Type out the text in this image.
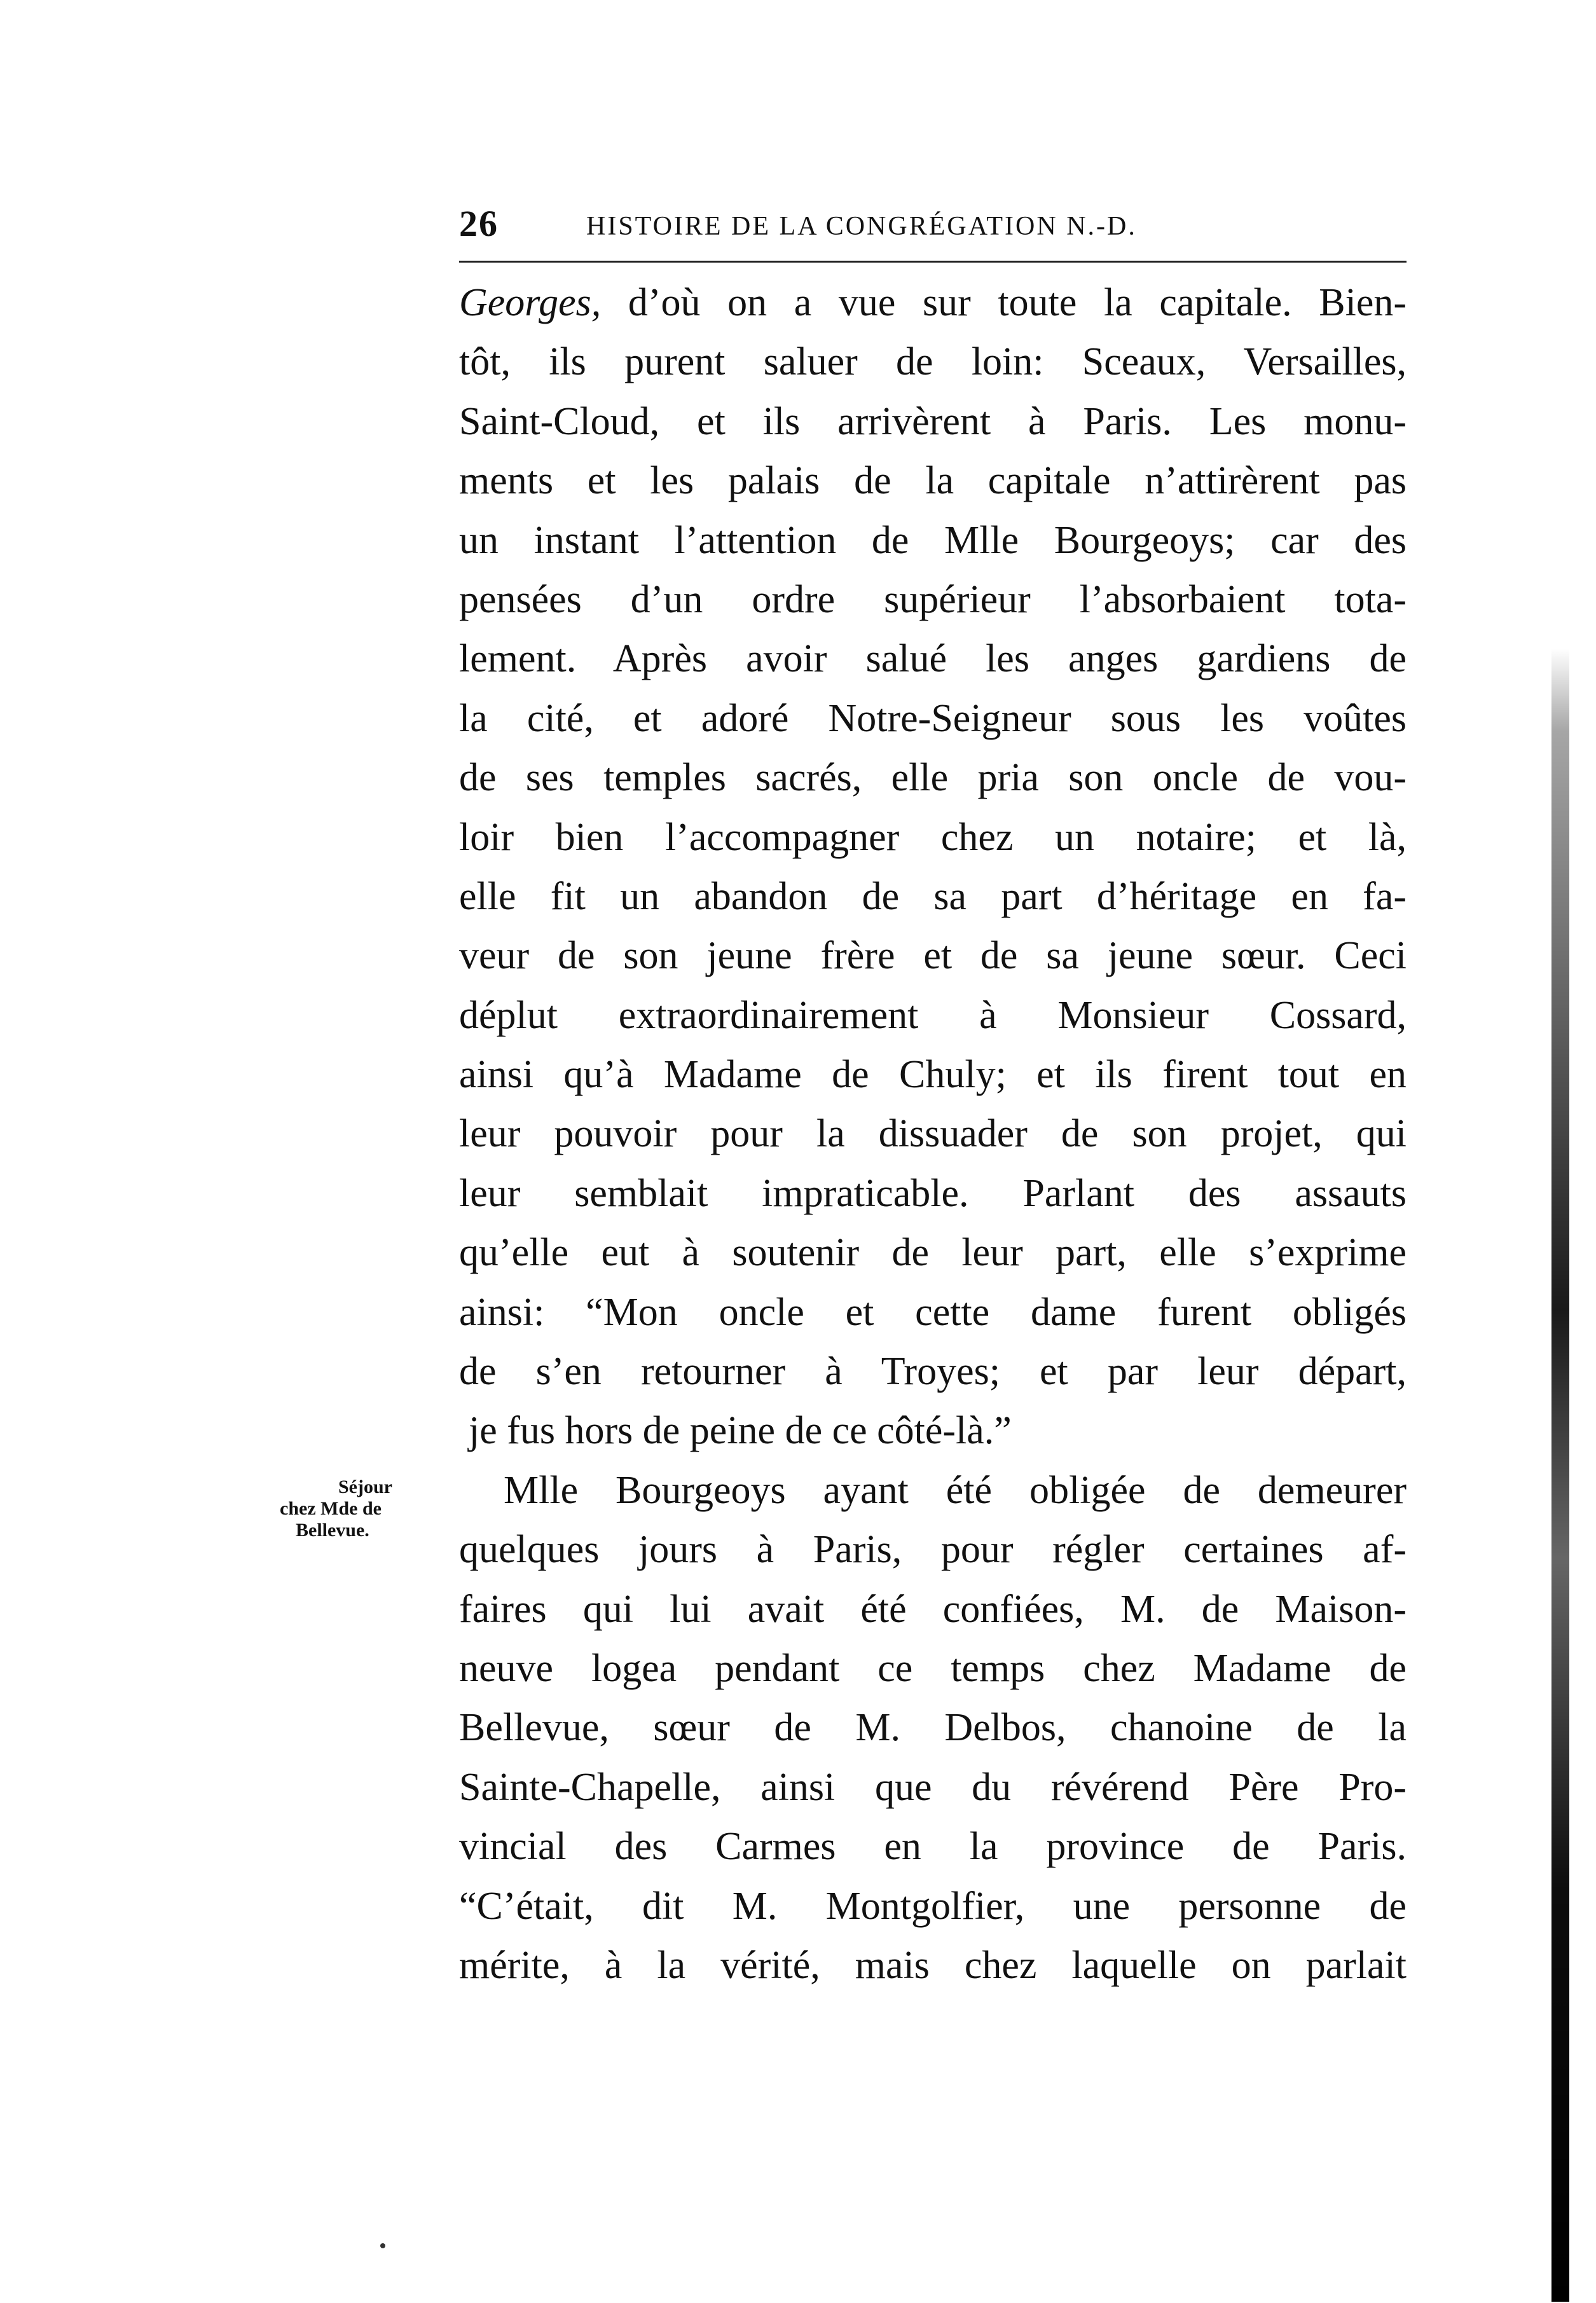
26	HISTOIRE DE LA CONGRÉGATION N.-D.
Séjour
chez Mde de
Bellevue.
Georges, d’où on a vue sur toute la capitale. Bien-
tôt, ils purent saluer de loin: Sceaux, Versailles,
Saint-Cloud, et ils arrivèrent à Paris. Les monu-
ments et les palais de la capitale n’attirèrent pas
un instant l’attention de Mlle Bourgeoys; car des
pensées d’un ordre supérieur l’absorbaient tota-
lement. Après avoir salué les anges gardiens de
la cité, et adoré Notre-Seigneur sous les voûtes
de ses temples sacrés, elle pria son oncle de vou-
loir bien l’accompagner chez un notaire; et là,
elle fit un abandon de sa part d’héritage en fa-
veur de son jeune frère et de sa jeune sœur. Ceci
déplut extraordinairement à Monsieur Cossard,
ainsi qu’à Madame de Chuly; et ils firent tout en
leur pouvoir pour la dissuader de son projet, qui
leur semblait impraticable. Parlant des assauts
qu’elle eut à soutenir de leur part, elle s’exprime
ainsi: “Mon oncle et cette dame furent obligés
de s’en retourner à Troyes; et par leur départ,
je fus hors de peine de ce côté-là.”
Mlle Bourgeoys ayant été obligée de demeurer
quelques jours à Paris, pour régler certaines af-
faires qui lui avait été confiées, M. de Maison-
neuve logea pendant ce temps chez Madame de
Bellevue, sœur de M. Delbos, chanoine de la
Sainte-Chapelle, ainsi que du révérend Père Pro-
vincial des Carmes en la province de Paris.
“C’était, dit M. Montgolfier, une personne de
mérite, à la vérité, mais chez laquelle on parlait
